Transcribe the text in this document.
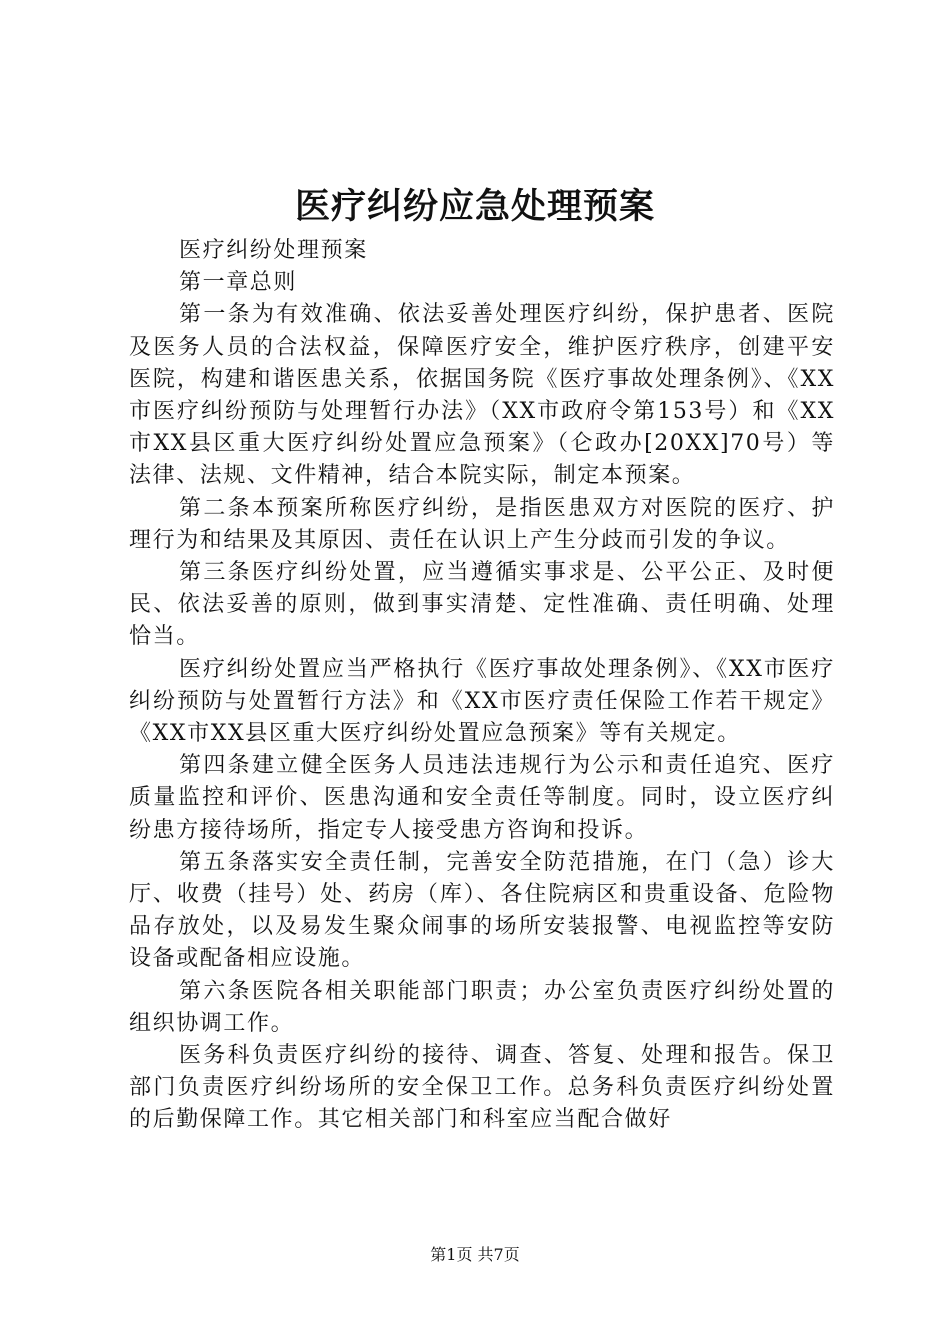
医疗纠纷应急处理预案

医疗纠纷处理预案

第一章总则

第一条为有效准确、依法妥善处理医疗纠纷，保护患者、医院及医务人员的合法权益，保障医疗安全，维护医疗秩序，创建平安医院，构建和谐医患关系，依据国务院《医疗事故处理条例》、《XX市医疗纠纷预防与处理暂行办法》（XX市政府令第153号）和《XX市XX县区重大医疗纠纷处置应急预案》（仑政办[20XX]70号）等法律、法规、文件精神，结合本院实际，制定本预案。

第二条本预案所称医疗纠纷，是指医患双方对医院的医疗、护理行为和结果及其原因、责任在认识上产生分歧而引发的争议。

第三条医疗纠纷处置，应当遵循实事求是、公平公正、及时便民、依法妥善的原则，做到事实清楚、定性准确、责任明确、处理恰当。

医疗纠纷处置应当严格执行《医疗事故处理条例》、《XX市医疗纠纷预防与处置暂行方法》和《XX市医疗责任保险工作若干规定》《XX市XX县区重大医疗纠纷处置应急预案》等有关规定。

第四条建立健全医务人员违法违规行为公示和责任追究、医疗质量监控和评价、医患沟通和安全责任等制度。同时，设立医疗纠纷患方接待场所，指定专人接受患方咨询和投诉。

第五条落实安全责任制，完善安全防范措施，在门（急）诊大厅、收费（挂号）处、药房（库）、各住院病区和贵重设备、危险物品存放处，以及易发生聚众闹事的场所安装报警、电视监控等安防设备或配备相应设施。

第六条医院各相关职能部门职责；办公室负责医疗纠纷处置的组织协调工作。

医务科负责医疗纠纷的接待、调查、答复、处理和报告。保卫部门负责医疗纠纷场所的安全保卫工作。总务科负责医疗纠纷处置的后勤保障工作。其它相关部门和科室应当配合做好

第1页 共7页
